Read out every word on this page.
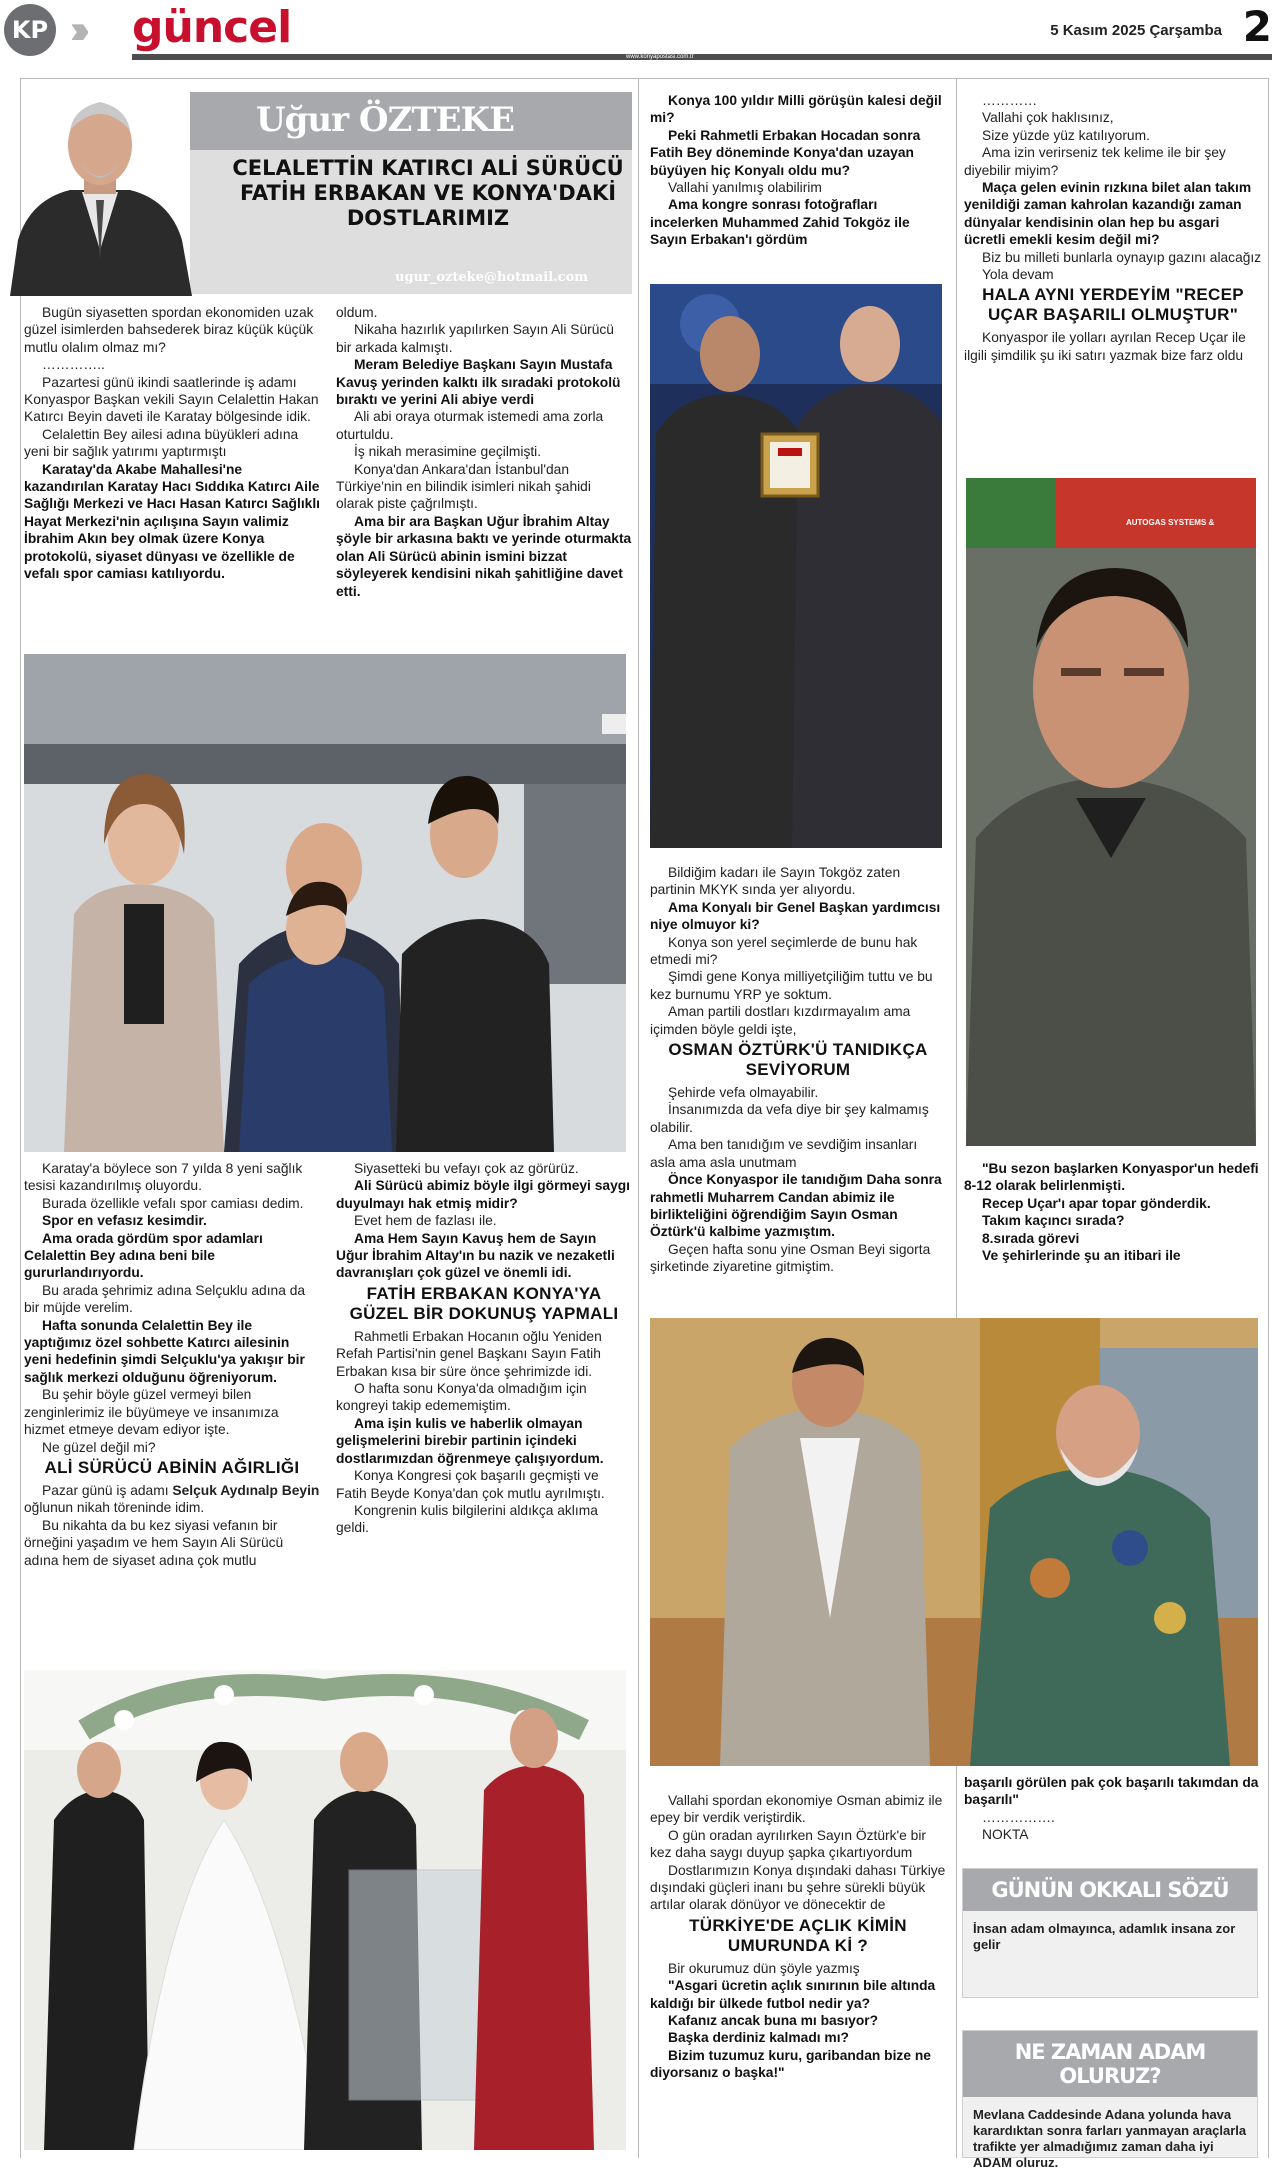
KP ››› güncel
www.konyapostasi.com.tr
5 Kasım 2025 Çarşamba 2
Uğur ÖZTEKE
CELALETTİN KATIRCI ALİ SÜRÜCÜ FATİH ERBAKAN VE KONYA'DAKİ DOSTLARIMIZ
ugur_ozteke@hotmail.com

Bugün siyasetten spordan ekonomiden uzak güzel isimlerden bahsederek biraz küçük küçük mutlu olalım olmaz mı?

…………..

Pazartesi günü ikindi saatlerinde iş adamı Konyaspor Başkan vekili Sayın Celalettin Hakan Katırcı Beyin daveti ile Karatay bölgesinde idik.

Celalettin Bey ailesi adına büyükleri adına yeni bir sağlık yatırımı yaptırmıştı

Karatay'da Akabe Mahallesi'ne kazandırılan Karatay Hacı Sıddıka Katırcı Aile Sağlığı Merkezi ve Hacı Hasan Katırcı Sağlıklı Hayat Merkezi'nin açılışına Sayın valimiz İbrahim Akın bey olmak üzere Konya protokolü, siyaset dünyası ve özellikle de vefalı spor camiası katılıyordu.

oldum.

Nikaha hazırlık yapılırken Sayın Ali Sürücü bir arkada kalmıştı.

Meram Belediye Başkanı Sayın Mustafa Kavuş yerinden kalktı ilk sıradaki protokolü bıraktı ve yerini Ali abiye verdi

Ali abi oraya oturmak istemedi ama zorla oturtuldu.

İş nikah merasimine geçilmişti.

Konya'dan Ankara'dan İstanbul'dan Türkiye'nin en bilindik isimleri nikah şahidi olarak piste çağrılmıştı.

Ama bir ara Başkan Uğur İbrahim Altay şöyle bir arkasına baktı ve yerinde oturmakta olan Ali Sürücü abinin ismini bizzat söyleyerek kendisini nikah şahitliğine davet etti.

Karatay'a böylece son 7 yılda 8 yeni sağlık tesisi kazandırılmış oluyordu.

Burada özellikle vefalı spor camiası dedim.

Spor en vefasız kesimdir.

Ama orada gördüm spor adamları Celalettin Bey adına beni bile gururlandırıyordu.

Bu arada şehrimiz adına Selçuklu adına da bir müjde verelim.

Hafta sonunda Celalettin Bey ile yaptığımız özel sohbette Katırcı ailesinin yeni hedefinin şimdi Selçuklu'ya yakışır bir sağlık merkezi olduğunu öğreniyorum.

Bu şehir böyle güzel vermeyi bilen zenginlerimiz ile büyümeye ve insanımıza hizmet etmeye devam ediyor işte.

Ne güzel değil mi?

ALİ SÜRÜCÜ ABİNİN AĞIRLIĞI

Pazar günü iş adamı Selçuk Aydınalp Beyin oğlunun nikah töreninde idim.

Bu nikahta da bu kez siyasi vefanın bir örneğini yaşadım ve hem Sayın Ali Sürücü adına hem de siyaset adına çok mutlu

Siyasetteki bu vefayı çok az görürüz.

Ali Sürücü abimiz böyle ilgi görmeyi saygı duyulmayı hak etmiş midir?

Evet hem de fazlası ile.

Ama Hem Sayın Kavuş hem de Sayın Uğur İbrahim Altay'ın bu nazik ve nezaketli davranışları çok güzel ve önemli idi.

FATİH ERBAKAN KONYA'YA GÜZEL BİR DOKUNUŞ YAPMALI

Rahmetli Erbakan Hocanın oğlu Yeniden Refah Partisi'nin genel Başkanı Sayın Fatih Erbakan kısa bir süre önce şehrimizde idi.

O hafta sonu Konya'da olmadığım için kongreyi takip edememiştim.

Ama işin kulis ve haberlik olmayan gelişmelerini birebir partinin içindeki dostlarımızdan öğrenmeye çalışıyordum.

Konya Kongresi çok başarılı geçmişti ve Fatih Beyde Konya'dan çok mutlu ayrılmıştı.

Kongrenin kulis bilgilerini aldıkça aklıma geldi.

Konya 100 yıldır Milli görüşün kalesi değil mi?

Peki Rahmetli Erbakan Hocadan sonra Fatih Bey döneminde Konya'dan uzayan büyüyen hiç Konyalı oldu mu?

Vallahi yanılmış olabilirim

Ama kongre sonrası fotoğrafları incelerken Muhammed Zahid Tokgöz ile Sayın Erbakan'ı gördüm

Bildiğim kadarı ile Sayın Tokgöz zaten partinin MKYK sında yer alıyordu.

Ama Konyalı bir Genel Başkan yardımcısı niye olmuyor ki?

Konya son yerel seçimlerde de bunu hak etmedi mi?

Şimdi gene Konya milliyetçiliğim tuttu ve bu kez burnumu YRP ye soktum.

Aman partili dostları kızdırmayalım ama içimden böyle geldi işte,

OSMAN ÖZTÜRK'Ü TANIDIKÇA SEVİYORUM

Şehirde vefa olmayabilir.

İnsanımızda da vefa diye bir şey kalmamış olabilir.

Ama ben tanıdığım ve sevdiğim insanları asla ama asla unutmam

Önce Konyaspor ile tanıdığım Daha sonra rahmetli Muharrem Candan abimiz ile birlikteliğini öğrendiğim Sayın Osman Öztürk'ü kalbime yazmıştım.

Geçen hafta sonu yine Osman Beyi sigorta şirketinde ziyaretine gitmiştim.

Vallahi spordan ekonomiye Osman abimiz ile epey bir verdik veriştirdik.

O gün oradan ayrılırken Sayın Öztürk'e bir kez daha saygı duyup şapka çıkartıyordum

Dostlarımızın Konya dışındaki dahası Türkiye dışındaki güçleri inanı bu şehre sürekli büyük artılar olarak dönüyor ve dönecektir de

TÜRKİYE'DE AÇLIK KİMİN UMURUNDA Kİ ?

Bir okurumuz dün şöyle yazmış

"Asgari ücretin açlık sınırının bile altında kaldığı bir ülkede futbol nedir ya?

Kafanız ancak buna mı basıyor?

Başka derdiniz kalmadı mı?

Bizim tuzumuz kuru, garibandan bize ne diyorsanız o başka!"

…………

Vallahi çok haklısınız,

Size yüzde yüz katılıyorum.

Ama izin verirseniz tek kelime ile bir şey diyebilir miyim?

Maça gelen evinin rızkına bilet alan takım yenildiği zaman kahrolan kazandığı zaman dünyalar kendisinin olan hep bu asgari ücretli emekli kesim değil mi?

Biz bu milleti bunlarla oynayıp gazını alacağız

Yola devam

HALA AYNI YERDEYİM "RECEP UÇAR BAŞARILI OLMUŞTUR"

Konyaspor ile yolları ayrılan Recep Uçar ile ilgili şimdilik şu iki satırı yazmak bize farz oldu

AUTOGAS SYSTEMS &

"Bu sezon başlarken Konyaspor'un hedefi 8-12 olarak belirlenmişti.

Recep Uçar'ı apar topar gönderdik.

Takım kaçıncı sırada?

8.sırada görevi

Ve şehirlerinde şu an itibari ile

başarılı görülen pak çok başarılı takımdan da başarılı"

…………….

NOKTA

GÜNÜN OKKALI SÖZÜ
İnsan adam olmayınca, adamlık insana zor gelir
NE ZAMAN ADAM OLURUZ?
Mevlana Caddesinde Adana yolunda hava karardıktan sonra farları yanmayan araçlarla trafikte yer almadığımız zaman daha iyi ADAM oluruz.
